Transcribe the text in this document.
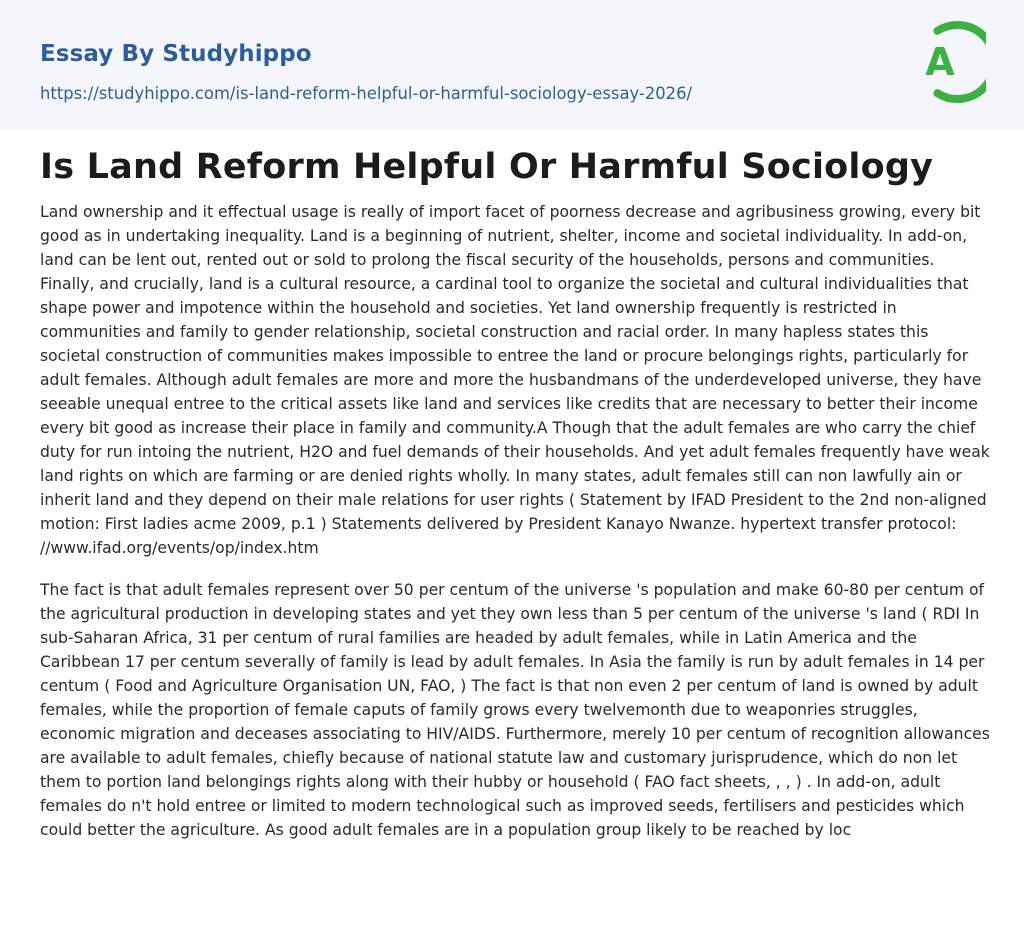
Essay By Studyhippo
https://studyhippo.com/is-land-reform-helpful-or-harmful-sociology-essay-2026/
A
Is Land Reform Helpful Or Harmful Sociology

Land ownership and it effectual usage is really of import facet of poorness decrease and agribusiness growing, every bit good as in undertaking inequality. Land is a beginning of nutrient, shelter, income and societal individuality. In add-on, land can be lent out, rented out or sold to prolong the fiscal security of the households, persons and communities. Finally, and crucially, land is a cultural resource, a cardinal tool to organize the societal and cultural individualities that shape power and impotence within the household and societies. Yet land ownership frequently is restricted in communities and family to gender relationship, societal construction and racial order. In many hapless states this societal construction of communities makes impossible to entree the land or procure belongings rights, particularly for adult females. Although adult females are more and more the husbandmans of the underdeveloped universe, they have seeable unequal entree to the critical assets like land and services like credits that are necessary to better their income every bit good as increase their place in family and community.A Though that the adult females are who carry the chief duty for run intoing the nutrient, H2O and fuel demands of their households. And yet adult females frequently have weak land rights on which are farming or are denied rights wholly. In many states, adult females still can non lawfully ain or inherit land and they depend on their male relations for user rights ( Statement by IFAD President to the 2nd non-aligned motion: First ladies acme 2009, p.1 ) Statements delivered by President Kanayo Nwanze. hypertext transfer protocol: //www.ifad.org/events/op/index.htm

The fact is that adult females represent over 50 per centum of the universe 's population and make 60-80 per centum of the agricultural production in developing states and yet they own less than 5 per centum of the universe 's land ( RDI In sub-Saharan Africa, 31 per centum of rural families are headed by adult females, while in Latin America and the Caribbean 17 per centum severally of family is lead by adult females. In Asia the family is run by adult females in 14 per centum ( Food and Agriculture Organisation UN, FAO, ) The fact is that non even 2 per centum of land is owned by adult females, while the proportion of female caputs of family grows every twelvemonth due to weaponries struggles, economic migration and deceases associating to HIV/AIDS. Furthermore, merely 10 per centum of recognition allowances are available to adult females, chiefly because of national statute law and customary jurisprudence, which do non let them to portion land belongings rights along with their hubby or household ( FAO fact sheets, , , ) . In add-on, adult females do n't hold entree or limited to modern technological such as improved seeds, fertilisers and pesticides which could better the agriculture. As good adult females are in a population group likely to be reached by loc
